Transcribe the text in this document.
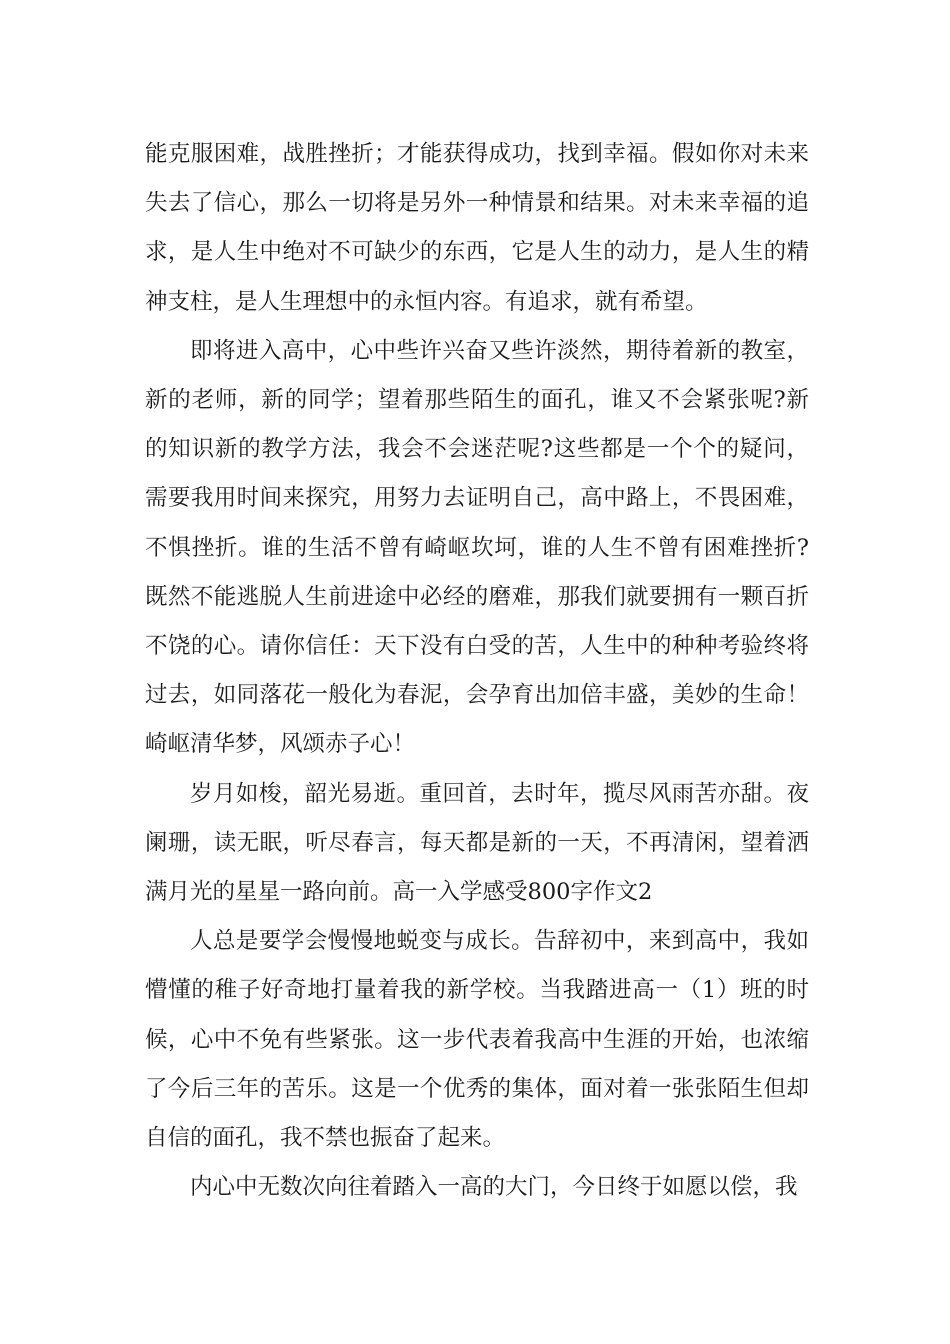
能克服困难，战胜挫折；才能获得成功，找到幸福。假如你对未来失去了信心，那么一切将是另外一种情景和结果。对未来幸福的追求，是人生中绝对不可缺少的东西，它是人生的动力，是人生的精神支柱，是人生理想中的永恒内容。有追求，就有希望。

即将进入高中，心中些许兴奋又些许淡然，期待着新的教室，新的老师，新的同学；望着那些陌生的面孔，谁又不会紧张呢?新的知识新的教学方法，我会不会迷茫呢?这些都是一个个的疑问，需要我用时间来探究，用努力去证明自己，高中路上，不畏困难，不惧挫折。谁的生活不曾有崎岖坎坷，谁的人生不曾有困难挫折?既然不能逃脱人生前进途中必经的磨难，那我们就要拥有一颗百折不饶的心。请你信任：天下没有白受的苦，人生中的种种考验终将过去，如同落花一般化为春泥，会孕育出加倍丰盛，美妙的生命！崎岖清华梦，风颂赤子心！

岁月如梭，韶光易逝。重回首，去时年，揽尽风雨苦亦甜。夜阑珊，读无眠，听尽春言，每天都是新的一天，不再清闲，望着洒满月光的星星一路向前。高一入学感受800字作文2

人总是要学会慢慢地蜕变与成长。告辞初中，来到高中，我如懵懂的稚子好奇地打量着我的新学校。当我踏进高一（1）班的时候，心中不免有些紧张。这一步代表着我高中生涯的开始，也浓缩了今后三年的苦乐。这是一个优秀的集体，面对着一张张陌生但却自信的面孔，我不禁也振奋了起来。

内心中无数次向往着踏入一高的大门，今日终于如愿以偿，我
